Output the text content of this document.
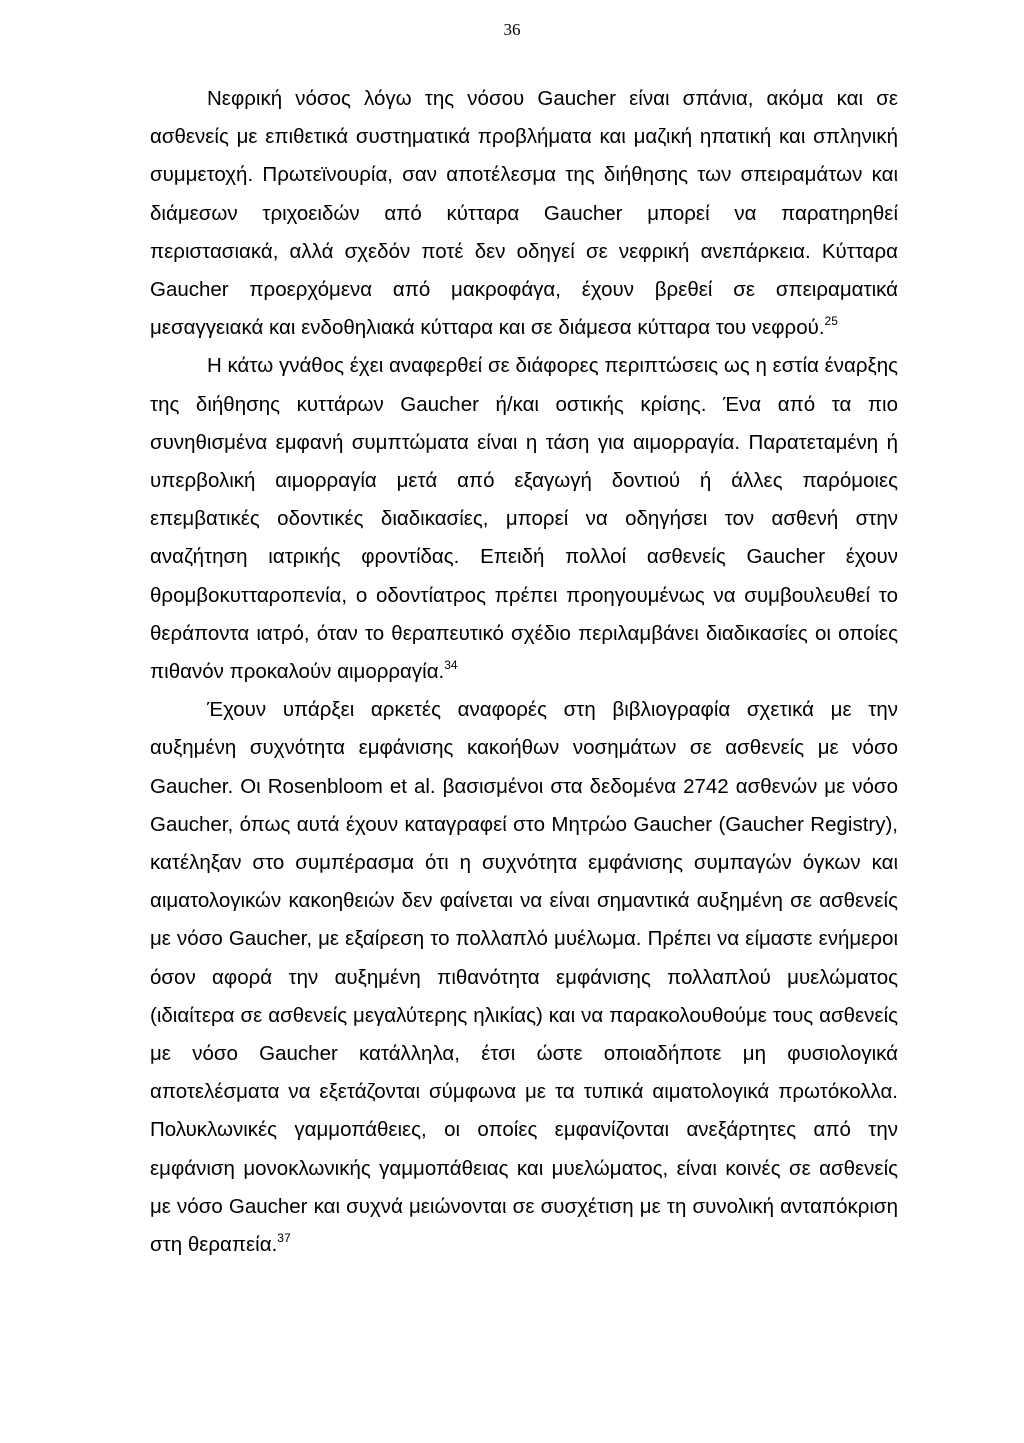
36

Νεφρική νόσος λόγω της νόσου Gaucher είναι σπάνια, ακόμα και σε ασθενείς με επιθετικά συστηματικά προβλήματα και μαζική ηπατική και σπληνική συμμετοχή. Πρωτεϊνουρία, σαν αποτέλεσμα της διήθησης των σπειραμάτων και διάμεσων τριχοειδών από κύτταρα Gaucher μπορεί να παρατηρηθεί περιστασιακά, αλλά σχεδόν ποτέ δεν οδηγεί σε νεφρική ανεπάρκεια. Κύτταρα Gaucher προερχόμενα από μακροφάγα, έχουν βρεθεί σε σπειραματικά μεσαγγειακά και ενδοθηλιακά κύτταρα και σε διάμεσα κύτταρα του νεφρού.$^{25}$

Η κάτω γνάθος έχει αναφερθεί σε διάφορες περιπτώσεις ως η εστία έναρξης της διήθησης κυττάρων Gaucher ή/και οστικής κρίσης. Ένα από τα πιο συνηθισμένα εμφανή συμπτώματα είναι η τάση για αιμορραγία. Παρατεταμένη ή υπερβολική αιμορραγία μετά από εξαγωγή δοντιού ή άλλες παρόμοιες επεμβατικές οδοντικές διαδικασίες, μπορεί να οδηγήσει τον ασθενή στην αναζήτηση ιατρικής φροντίδας. Επειδή πολλοί ασθενείς Gaucher έχουν θρομβοκυτταροπενία, ο οδοντίατρος πρέπει προηγουμένως να συμβουλευθεί το θεράποντα ιατρό, όταν το θεραπευτικό σχέδιο περιλαμβάνει διαδικασίες οι οποίες πιθανόν προκαλούν αιμορραγία.$^{34}$

Έχουν υπάρξει αρκετές αναφορές στη βιβλιογραφία σχετικά με την αυξημένη συχνότητα εμφάνισης κακοήθων νοσημάτων σε ασθενείς με νόσο Gaucher. Οι Rosenbloom et al. βασισμένοι στα δεδομένα 2742 ασθενών με νόσο Gaucher, όπως αυτά έχουν καταγραφεί στο Μητρώο Gaucher (Gaucher Registry), κατέληξαν στο συμπέρασμα ότι η συχνότητα εμφάνισης συμπαγών όγκων και αιματολογικών κακοηθειών δεν φαίνεται να είναι σημαντικά αυξημένη σε ασθενείς με νόσο Gaucher, με εξαίρεση το πολλαπλό μυέλωμα. Πρέπει να είμαστε ενήμεροι όσον αφορά την αυξημένη πιθανότητα εμφάνισης πολλαπλού μυελώματος (ιδιαίτερα σε ασθενείς μεγαλύτερης ηλικίας) και να παρακολουθούμε τους ασθενείς με νόσο Gaucher κατάλληλα, έτσι ώστε οποιαδήποτε μη φυσιολογικά αποτελέσματα να εξετάζονται σύμφωνα με τα τυπικά αιματολογικά πρωτόκολλα. Πολυκλωνικές γαμμοπάθειες, οι οποίες εμφανίζονται ανεξάρτητες από την εμφάνιση μονοκλωνικής γαμμοπάθειας και μυελώματος, είναι κοινές σε ασθενείς με νόσο Gaucher και συχνά μειώνονται σε συσχέτιση με τη συνολική ανταπόκριση στη θεραπεία.$^{37}$
